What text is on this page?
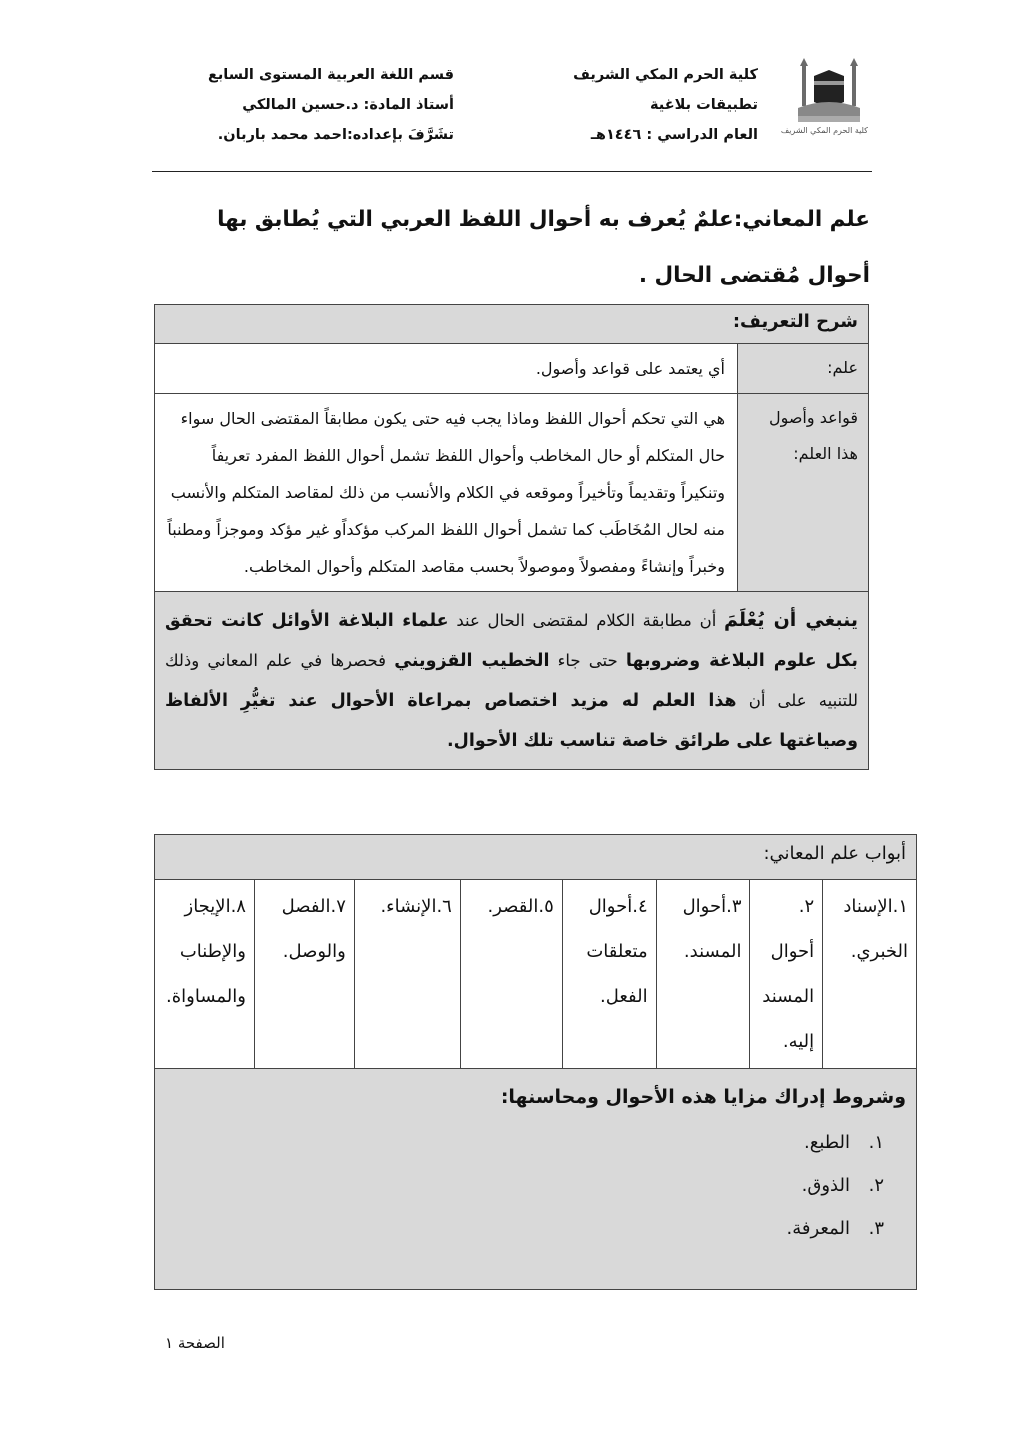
كلية الحرم المكي الشريف
كلية الحرم المكي الشريف
تطبيقات بلاغية
العام الدراسي : ١٤٤٦هـ
قسم اللغة العربية المستوى السابع
أستاذ المادة: د.حسين المالكي
تشَرَّفَ بإعداده:احمد محمد باربان.
علم المعاني:علمٌ يُعرف به أحوال اللفظ العربي التي يُطابق بها أحوال مُقتضى الحال .
شرح التعريف:	
علم:	أي يعتمد على قواعد وأصول.
قواعد وأصول هذا العلم:	هي التي تحكم أحوال اللفظ وماذا يجب فيه حتى يكون مطابقاً المقتضى الحال سواء حال المتكلم أو حال المخاطب وأحوال اللفظ تشمل أحوال اللفظ المفرد تعريفاً وتنكيراً وتقديماً وتأخيراً وموقعه في الكلام والأنسب من ذلك لمقاصد المتكلم والأنسب منه لحال المُخَاطَب كما تشمل أحوال اللفظ المركب مؤكداًو غير مؤكد وموجزاً ومطنباً وخبراً وإنشاءً ومفصولاً وموصولاً بحسب مقاصد المتكلم وأحوال المخاطب.
ينبغي أن يُعْلَمَ أن مطابقة الكلام لمقتضى الحال عند علماء البلاغة الأوائل كانت تحقق بكل علوم البلاغة وضروبها حتى جاء الخطيب القزويني فحصرها في علم المعاني وذلك للتنبيه على أن هذا العلم له مزيد اختصاص بمراعاة الأحوال عند تغيُّرِ الألفاظ وصياغتها على طرائق خاصة تناسب تلك الأحوال.	
أبواب علم المعاني:
١.الإسناد الخبري.	٢. أحوال المسند إليه.	٣.أحوال المسند.	٤.أحوال متعلقات الفعل.	٥.القصر.	٦.الإنشاء.	٧.الفصل والوصل.	٨.الإيجاز والإطناب والمساواة.

وشروط إدراك مزايا هذه الأحوال ومحاسنها:
١.الطبع.
٢.الذوق.
٣.المعرفة.
الصفحة ١
